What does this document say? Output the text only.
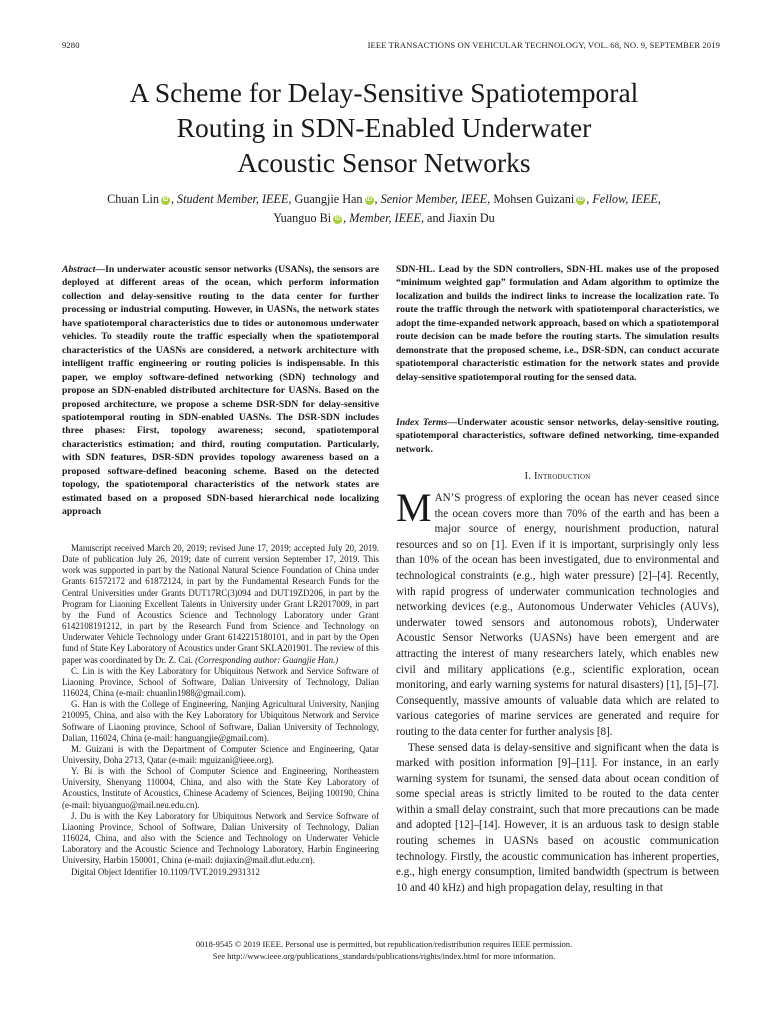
9280	IEEE TRANSACTIONS ON VEHICULAR TECHNOLOGY, VOL. 68, NO. 9, SEPTEMBER 2019
A Scheme for Delay-Sensitive Spatiotemporal
Routing in SDN-Enabled Underwater
Acoustic Sensor Networks
Chuan Lin iD , Student Member, IEEE, Guangjie Han iD , Senior Member, IEEE, Mohsen Guizani iD , Fellow, IEEE,
Yuanguo Bi iD , Member, IEEE, and Jiaxin Du

Abstract—In underwater acoustic sensor networks (USANs), the sensors are deployed at different areas of the ocean, which perform information collection and delay-sensitive routing to the data center for further processing or industrial computing. However, in UASNs, the network states have spatiotemporal characteristics due to tides or autonomous underwater vehicles. To steadily route the traffic especially when the spatiotemporal characteristics of the UASNs are considered, a network architecture with intelligent traffic engineering or routing policies is indispensable. In this paper, we employ software-defined networking (SDN) technology and propose an SDN-enabled distributed architecture for UASNs. Based on the proposed architecture, we propose a scheme DSR-SDN for delay-sensitive spatiotemporal routing in SDN-enabled UASNs. The DSR-SDN includes three phases: First, topology awareness; second, spatiotemporal characteristics estimation; and third, routing computation. Particularly, with SDN features, DSR-SDN provides topology awareness based on a proposed software-defined beaconing scheme. Based on the detected topology, the spatiotemporal characteristics of the network states are estimated based on a proposed SDN-based hierarchical node localizing approach

SDN-HL. Lead by the SDN controllers, SDN-HL makes use of the proposed “minimum weighted gap” formulation and Adam algorithm to optimize the localization and builds the indirect links to increase the localization rate. To route the traffic through the network with spatiotemporal characteristics, we adopt the time-expanded network approach, based on which a spatiotemporal route decision can be made before the routing starts. The simulation results demonstrate that the proposed scheme, i.e., DSR-SDN, can conduct accurate spatiotemporal characteristic estimation for the network states and provide delay-sensitive spatiotemporal routing for the sensed data.

Index Terms—Underwater acoustic sensor networks, delay-sensitive routing, spatiotemporal characteristics, software defined networking, time-expanded network.
I. Introduction

MAN’S progress of exploring the ocean has never ceased since the ocean covers more than 70% of the earth and has been a major source of energy, nourishment production, natural resources and so on [1]. Even if it is important, surprisingly only less than 10% of the ocean has been investigated, due to environmental and technological constraints (e.g., high water pressure) [2]–[4]. Recently, with rapid progress of underwater communication technologies and networking devices (e.g., Autonomous Underwater Vehicles (AUVs), underwater towed sensors and autonomous robots), Underwater Acoustic Sensor Networks (UASNs) have been emergent and are attracting the interest of many researchers lately, which enables new civil and military applications (e.g., scientific exploration, ocean monitoring, and early warning systems for natural disasters) [1], [5]–[7]. Consequently, massive amounts of valuable data which are related to various categories of marine services are generated and require for routing to the data center for further analysis [8].

These sensed data is delay-sensitive and significant when the data is marked with position information [9]–[11]. For instance, in an early warning system for tsunami, the sensed data about ocean condition of some special areas is strictly limited to be routed to the data center within a small delay constraint, such that more precautions can be made and adopted [12]–[14]. However, it is an arduous task to design stable routing schemes in UASNs based on acoustic communication technology. Firstly, the acoustic communication has inherent properties, e.g., high energy consumption, limited bandwidth (spectrum is between 10 and 40 kHz) and high propagation delay, resulting in that

Manuscript received March 20, 2019; revised June 17, 2019; accepted July 20, 2019. Date of publication July 26, 2019; date of current version September 17, 2019. This work was supported in part by the National Natural Science Foundation of China under Grants 61572172 and 61872124, in part by the Fundamental Research Funds for the Central Universities under Grants DUT17RC(3)094 and DUT19ZD206, in part by the Program for Liaoning Excellent Talents in University under Grant LR2017009, in part by the Fund of Acoustics Science and Technology Laboratory under Grant 6142108191212, in part by the Research Fund from Science and Technology on Underwater Vehicle Technology under Grant 6142215180101, and in part by the Open fund of State Key Laboratory of Acoustics under Grant SKLA201901. The review of this paper was coordinated by Dr. Z. Cai. (Corresponding author: Guangjie Han.)

C. Lin is with the Key Laboratory for Ubiquitous Network and Service Software of Liaoning Province, School of Software, Dalian University of Technology, Dalian 116024, China (e-mail: chuanlin1988@gmail.com).

G. Han is with the College of Engineering, Nanjing Agricultural University, Nanjing 210095, China, and also with the Key Laboratory for Ubiquitous Network and Service Software of Liaoning province, School of Software, Dalian University of Technology, Dalian, 116024, China (e-mail: hanguangjie@gmail.com).

M. Guizani is with the Department of Computer Science and Engineering, Qatar University, Doha 2713, Qatar (e-mail: mguizani@ieee.org).

Y. Bi is with the School of Computer Science and Engineering, Northeastern University, Shenyang 110004, China, and also with the State Key Laboratory of Acoustics, Institute of Acoustics, Chinese Academy of Sciences, Beijing 100190, China (e-mail: biyuanguo@mail.neu.edu.cn).

J. Du is with the Key Laboratory for Ubiquitous Network and Service Software of Liaoning Province, School of Software, Dalian University of Technology, Dalian 116024, China, and also with the Science and Technology on Underwater Vehicle Laboratory and the Acoustic Science and Technology Laboratory, Harbin Engineering University, Harbin 150001, China (e-mail: dujiaxin@mail.dlut.edu.cn).

Digital Object Identifier 10.1109/TVT.2019.2931312

0018-9545 © 2019 IEEE. Personal use is permitted, but republication/redistribution requires IEEE permission.
See http://www.ieee.org/publications_standards/publications/rights/index.html for more information.
